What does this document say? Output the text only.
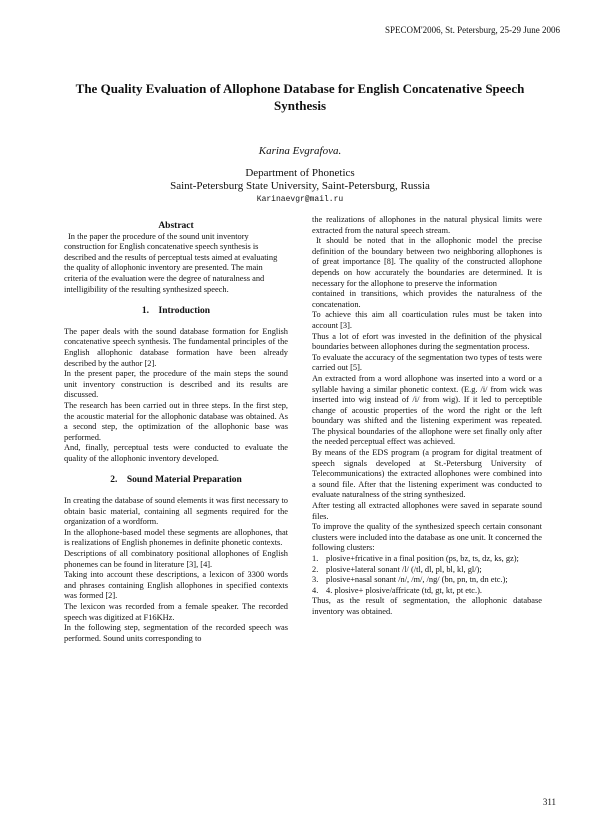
SPECOM'2006, St. Petersburg, 25-29 June 2006
The Quality Evaluation of Allophone Database for English Concatenative Speech Synthesis
Karina Evgrafova.
Department of Phonetics
Saint-Petersburg State University, Saint-Petersburg, Russia
Karinaevgr@mail.ru

Abstract

In the paper the procedure of the sound unit inventory construction for English concatenative speech synthesis is described and the results of perceptual tests aimed at evaluating the quality of allophonic inventory are presented. The main criteria of the evaluation were the degree of naturalness and intelligibility of the resulting synthesized speech.

1. Introduction

The paper deals with the sound database formation for English concatenative speech synthesis. The fundamental principles of the English allophonic database formation have been already described by the author [2].

In the present paper, the procedure of the main steps the sound unit inventory construction is described and its results are discussed.

The research has been carried out in three steps. In the first step, the acoustic material for the allophonic database was obtained. As a second step, the optimization of the allophonic base was performed.

And, finally, perceptual tests were conducted to evaluate the quality of the allophonic inventory developed.

2. Sound Material Preparation

In creating the database of sound elements it was first necessary to obtain basic material, containing all segments required for the organization of a wordform.

In the allophone-based model these segments are allophones, that is realizations of English phonemes in definite phonetic contexts.

Descriptions of all combinatory positional allophones of English phonemes can be found in literature [3], [4].

Taking into account these descriptions, a lexicon of 3300 words and phrases containing English allophones in specified contexts was formed [2].

The lexicon was recorded from a female speaker. The recorded speech was digitized at F16KHz.

In the following step, segmentation of the recorded speech was performed. Sound units corresponding to

the realizations of allophones in the natural physical limits were extracted from the natural speech stream.

It should be noted that in the allophonic model the precise definition of the boundary between two neighboring allophones is of great importance [8]. The quality of the constructed allophone depends on how accurately the boundaries are determined. It is necessary for the allophone to preserve the information

contained in transitions, which provides the naturalness of the concatenation.

To achieve this aim all coarticulation rules must be taken into account [3].

Thus a lot of efort was invested in the definition of the physical boundaries between allophones during the segmentation process.

To evaluate the accuracy of the segmentation two types of tests were carried out [5].

An extracted from a word allophone was inserted into a word or a syllable having a similar phonetic context. (E.g. /i/ from wick was inserted into wig instead of /i/ from wig). If it led to perceptible change of acoustic properties of the word the right or the left boundary was shifted and the listening experiment was repeated. The physical boundaries of the allophone were set finally only after the needed perceptual effect was achieved.

By means of the EDS program (a program for digital treatment of speech signals developed at St.-Petersburg University of Telecommunications) the extracted allophones were combined into a sound file. After that the listening experiment was conducted to evaluate naturalness of the string synthesized.

After testing all extracted allophones were saved in separate sound files.

To improve the quality of the synthesized speech certain consonant clusters were included into the database as one unit. It concerned the following clusters:

1. plosive+fricative in a final position (ps, bz, ts, dz, ks, gz);
2. plosive+lateral sonant /l/ (/tl, dl, pl, bl, kl, gl/);
3. plosive+nasal sonant /n/, /m/, /ng/ (bn, pn, tn, dn etc.);
4. 4. plosive+ plosive/affricate (td, gt, kt, pt etc.).

Thus, as the result of segmentation, the allophonic database inventory was obtained.

311
